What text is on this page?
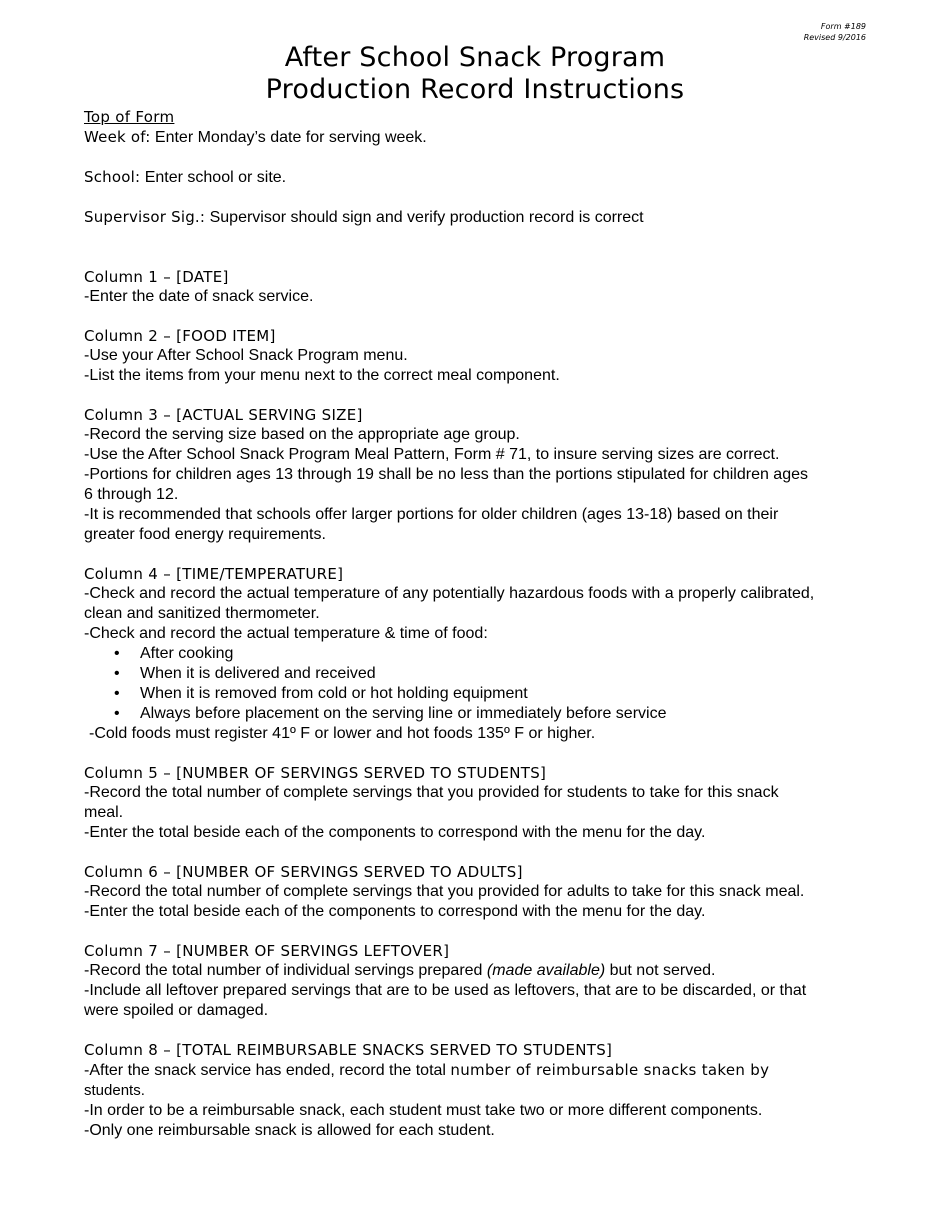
Form #189
Revised 9/2016
After School Snack Program
Production Record Instructions

Top of Form

Week of: Enter Monday’s date for serving week.

School: Enter school or site.

Supervisor Sig.: Supervisor should sign and verify production record is correct

Column 1 – [DATE]

-Enter the date of snack service.

Column 2 – [FOOD ITEM]

-Use your After School Snack Program menu.

-List the items from your menu next to the correct meal component.

Column 3 – [ACTUAL SERVING SIZE]

-Record the serving size based on the appropriate age group.

-Use the After School Snack Program Meal Pattern, Form # 71, to insure serving sizes are correct.

-Portions for children ages 13 through 19 shall be no less than the portions stipulated for children ages

6 through 12.

-It is recommended that schools offer larger portions for older children (ages 13-18) based on their

greater food energy requirements.

Column 4 – [TIME/TEMPERATURE]

-Check and record the actual temperature of any potentially hazardous foods with a properly calibrated,

clean and sanitized thermometer.

-Check and record the actual temperature & time of food:

• After cooking
• When it is delivered and received
• When it is removed from cold or hot holding equipment
• Always before placement on the serving line or immediately before service

-Cold foods must register 41º F or lower and hot foods 135º F or higher.

Column 5 – [NUMBER OF SERVINGS SERVED TO STUDENTS]

-Record the total number of complete servings that you provided for students to take for this snack

meal.

-Enter the total beside each of the components to correspond with the menu for the day.

Column 6 – [NUMBER OF SERVINGS SERVED TO ADULTS]

-Record the total number of complete servings that you provided for adults to take for this snack meal.

-Enter the total beside each of the components to correspond with the menu for the day.

Column 7 – [NUMBER OF SERVINGS LEFTOVER]

-Record the total number of individual servings prepared (made available) but not served.

-Include all leftover prepared servings that are to be used as leftovers, that are to be discarded, or that

were spoiled or damaged.

Column 8 – [TOTAL REIMBURSABLE SNACKS SERVED TO STUDENTS]

-After the snack service has ended, record the total number of reimbursable snacks taken by

students.

-In order to be a reimbursable snack, each student must take two or more different components.

-Only one reimbursable snack is allowed for each student.
